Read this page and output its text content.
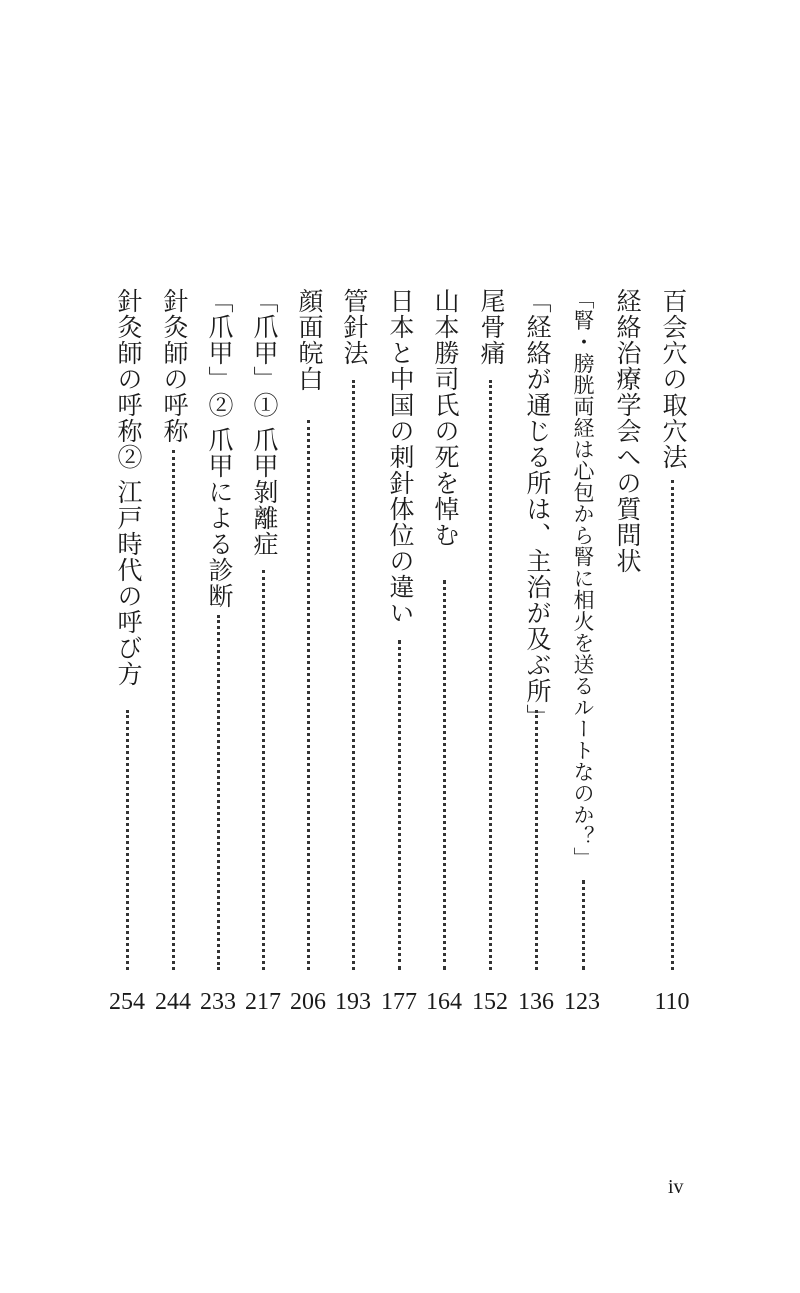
百会穴の取穴法
110
経絡治療学会への質問状
「腎・膀胱両経は心包から腎に相火を送るルートなのか？」
123
「経絡が通じる所は、主治が及ぶ所」
136
尾骨痛
152
山本勝司氏の死を悼む
164
日本と中国の刺針体位の違い
177
管針法
193
顔面皖白
206
「爪甲」① 爪甲剝離症
217
「爪甲」② 爪甲による診断
233
針灸師の呼称
244
針灸師の呼称② 江戸時代の呼び方
254
iv
